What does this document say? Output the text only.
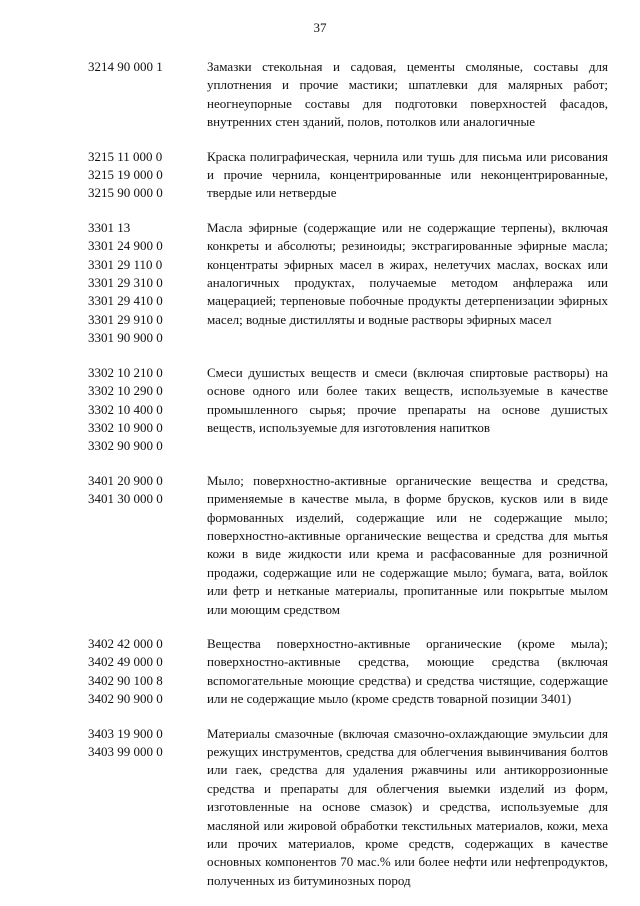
37
3214 90 000 1	Замазки стекольная и садовая, цементы смоляные, составы для уплотнения и прочие мастики; шпатлевки для малярных работ; неогнеупорные составы для подготовки поверхностей фасадов, внутренних стен зданий, полов, потолков или аналогичные
3215 11 000 0
3215 19 000 0
3215 90 000 0
Краска полиграфическая, чернила или тушь для письма или рисования и прочие чернила, концентрированные или неконцентрированные, твердые или нетвердые
3301 13
3301 24 900 0
3301 29 110 0
3301 29 310 0
3301 29 410 0
3301 29 910 0
3301 90 900 0
Масла эфирные (содержащие или не содержащие терпены), включая конкреты и абсолюты; резиноиды; экстрагированные эфирные масла; концентраты эфирных масел в жирах, нелетучих маслах, восках или аналогичных продуктах, получаемые методом анфлеража или мацерацией; терпеновые побочные продукты детерпенизации эфирных масел; водные дистилляты и водные растворы эфирных масел
3302 10 210 0
3302 10 290 0
3302 10 400 0
3302 10 900 0
3302 90 900 0
Смеси душистых веществ и смеси (включая спиртовые растворы) на основе одного или более таких веществ, используемые в качестве промышленного сырья; прочие препараты на основе душистых веществ, используемые для изготовления напитков
3401 20 900 0
3401 30 000 0
Мыло; поверхностно-активные органические вещества и средства, применяемые в качестве мыла, в форме брусков, кусков или в виде формованных изделий, содержащие или не содержащие мыло; поверхностно-активные органические вещества и средства для мытья кожи в виде жидкости или крема и расфасованные для розничной продажи, содержащие или не содержащие мыло; бумага, вата, войлок или фетр и нетканые материалы, пропитанные или покрытые мылом или моющим средством
3402 42 000 0
3402 49 000 0
3402 90 100 8
3402 90 900 0
Вещества поверхностно-активные органические (кроме мыла); поверхностно-активные средства, моющие средства (включая вспомогательные моющие средства) и средства чистящие, содержащие или не содержащие мыло (кроме средств товарной позиции 3401)
3403 19 900 0
3403 99 000 0
Материалы смазочные (включая смазочно-охлаждающие эмульсии для режущих инструментов, средства для облегчения вывинчивания болтов или гаек, средства для удаления ржавчины или антикоррозионные средства и препараты для облегчения выемки изделий из форм, изготовленные на основе смазок) и средства, используемые для масляной или жировой обработки текстильных материалов, кожи, меха или прочих материалов, кроме средств, содержащих в качестве основных компонентов 70 мас.% или более нефти или нефтепродуктов, полученных из битуминозных пород
